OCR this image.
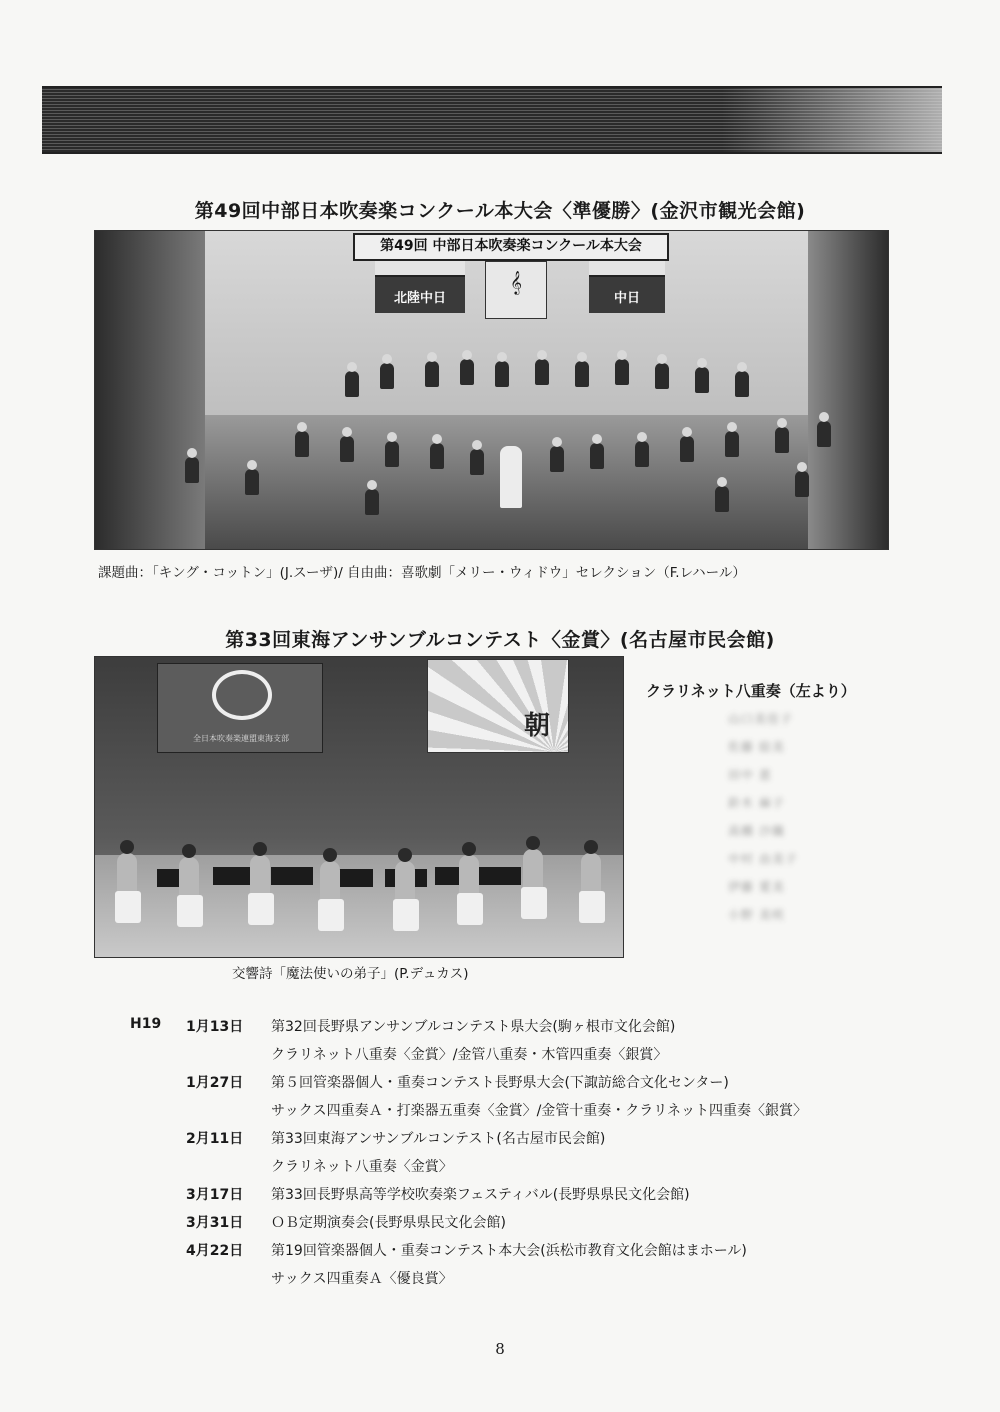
第49回中部日本吹奏楽コンクール本大会〈準優勝〉(金沢市観光会館)
第49回 中部日本吹奏楽コンクール本大会
北陸中日
𝄞
中日
課題曲：「キング・コットン」(J.スーザ)/ 自由曲：喜歌劇「メリー・ウィドウ」セレクション（F.レハール）
第33回東海アンサンブルコンテスト〈金賞〉(名古屋市民会館)
全日本吹奏楽連盟東海支部	朝
交響詩「魔法使いの弟子」(P.デュカス)
クラリネット八重奏（左より）
山口美佳子
佐藤 絵美
田中 恵
鈴木 麻子
高橋 沙織
中村 由美子
伊藤 愛美
小野 美咲
H19 1月13日 第32回長野県アンサンブルコンテスト県大会(駒ヶ根市文化会館)
クラリネット八重奏〈金賞〉/金管八重奏・木管四重奏〈銀賞〉
1月27日 第５回管楽器個人・重奏コンテスト長野県大会(下諏訪総合文化センター)
サックス四重奏Ａ・打楽器五重奏〈金賞〉/金管十重奏・クラリネット四重奏〈銀賞〉
2月11日 第33回東海アンサンブルコンテスト(名古屋市民会館)
クラリネット八重奏〈金賞〉
3月17日 第33回長野県高等学校吹奏楽フェスティバル(長野県県民文化会館)
3月31日 ＯＢ定期演奏会(長野県県民文化会館)
4月22日 第19回管楽器個人・重奏コンテスト本大会(浜松市教育文化会館はまホール)
サックス四重奏Ａ〈優良賞〉
8
